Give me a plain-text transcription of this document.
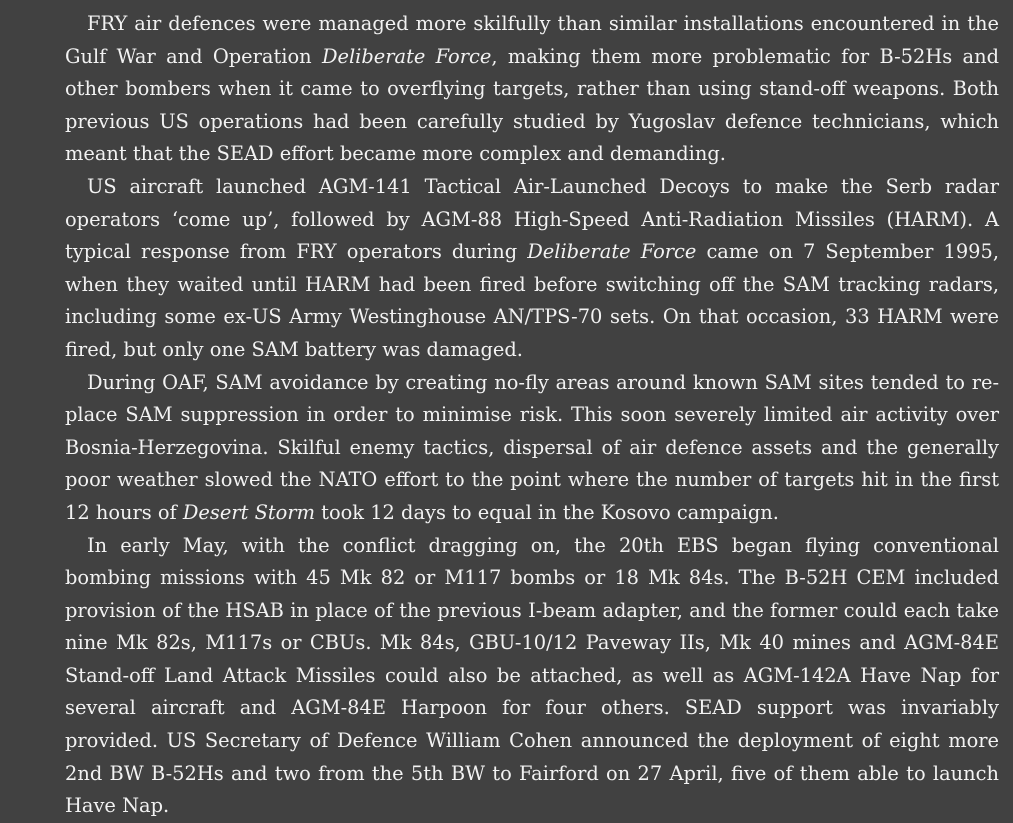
FRY air defences were managed more skilfully than similar installations encountered in the Gulf War and Operation Deliberate Force, making them more problematic for B-52Hs and other bombers when it came to overflying targets, rather than using stand-off weapons. Both previous US operations had been carefully studied by Yugoslav defence technicians, which meant that the SEAD effort became more complex and demanding.

US aircraft launched AGM-141 Tactical Air-Launched Decoys to make the Serb radar operators ‘come up’, followed by AGM-88 High-Speed Anti-Radiation Missiles (HARM). A typical response from FRY operators during Deliberate Force came on 7 September 1995, when they waited until HARM had been fired before switching off the SAM tracking radars, including some ex-US Army Westinghouse AN/TPS-70 sets. On that occasion, 33 HARM were fired, but only one SAM battery was damaged.

During OAF, SAM avoidance by creating no-fly areas around known SAM sites tended to replace SAM suppression in order to minimise risk. This soon severely limited air activity over Bosnia-Herzegovina. Skilful enemy tactics, dispersal of air defence assets and the generally poor weather slowed the NATO effort to the point where the number of targets hit in the first 12 hours of Desert Storm took 12 days to equal in the Kosovo campaign.

In early May, with the conflict dragging on, the 20th EBS began flying conventional bombing missions with 45 Mk 82 or M117 bombs or 18 Mk 84s. The B-52H CEM included provision of the HSAB in place of the previous I-beam adapter, and the former could each take nine Mk 82s, M117s or CBUs. Mk 84s, GBU-10/12 Paveway IIs, Mk 40 mines and AGM-84E Stand-off Land Attack Missiles could also be attached, as well as AGM-142A Have Nap for several aircraft and AGM-84E Harpoon for four others. SEAD support was invariably provided. US Secretary of Defence William Cohen announced the deployment of eight more 2nd BW B-52Hs and two from the 5th BW to Fairford on 27 April, five of them able to launch Have Nap.
